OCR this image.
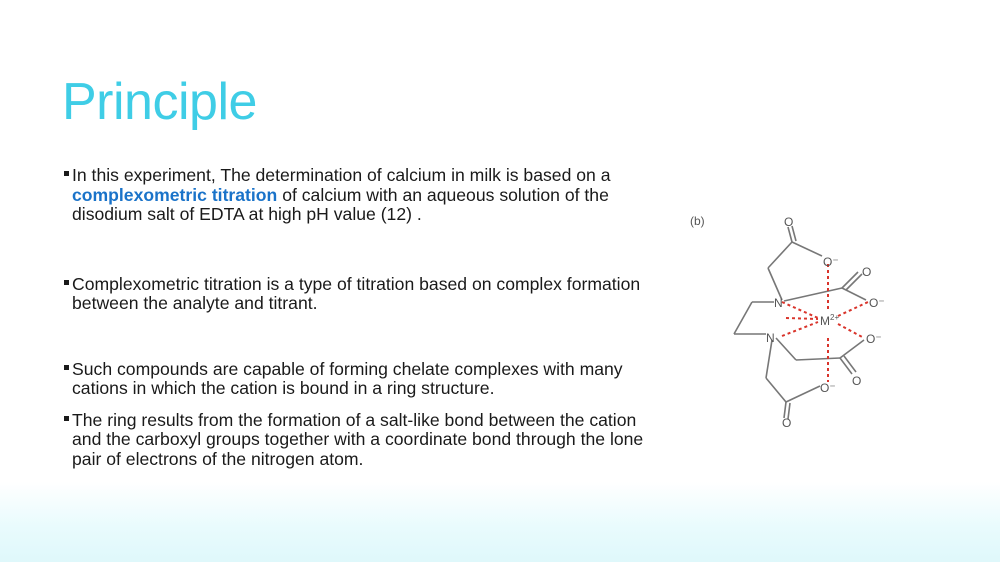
Principle
In this experiment, The determination of calcium in milk is based on a complexometric titration of calcium with an aqueous solution of the disodium salt of EDTA at high pH value (12) .
Complexometric titration is a type of titration based on complex formation between the analyte and titrant.
Such compounds are capable of forming chelate complexes with many cations in which the cation is bound in a ring structure.
The ring results from the formation of a salt-like bond between the cation and the carboxyl groups together with a coordinate bond through the lone pair of electrons of the nitrogen atom.
(b)	O
O⁻
O
O⁻
N
$M^{2+}$
N	O⁻
O
O⁻
O
